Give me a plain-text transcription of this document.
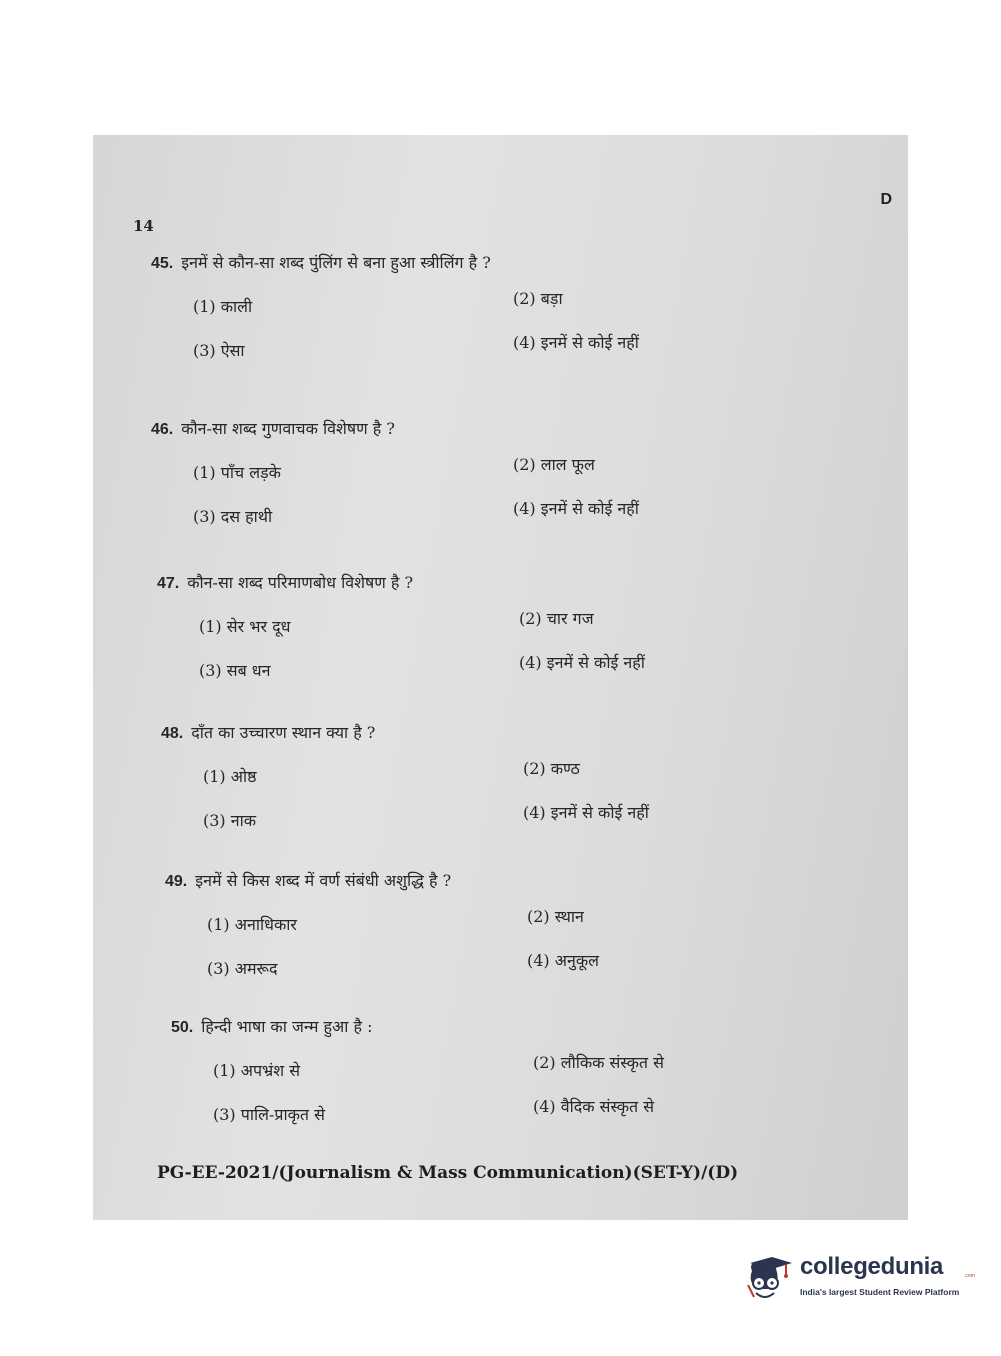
14
D
45. इनमें से कौन-सा शब्द पुंलिंग से बना हुआ स्त्रीलिंग है ?
(1) काली	(2) बड़ा
(3) ऐसा	(4) इनमें से कोई नहीं
46. कौन-सा शब्द गुणवाचक विशेषण है ?
(1) पाँच लड़के	(2) लाल फूल
(3) दस हाथी	(4) इनमें से कोई नहीं
47. कौन-सा शब्द परिमाणबोध विशेषण है ?
(1) सेर भर दूध	(2) चार गज
(3) सब धन	(4) इनमें से कोई नहीं
48. दाँत का उच्चारण स्थान क्या है ?
(1) ओष्ठ	(2) कण्ठ
(3) नाक	(4) इनमें से कोई नहीं
49. इनमें से किस शब्द में वर्ण संबंधी अशुद्धि है ?
(1) अनाधिकार	(2) स्थान
(3) अमरूद	(4) अनुकूल
50. हिन्दी भाषा का जन्म हुआ है :
(1) अपभ्रंश से	(2) लौकिक संस्कृत से
(3) पालि-प्राकृत से	(4) वैदिक संस्कृत से
PG-EE-2021/(Journalism & Mass Communication)(SET-Y)/(D)
collegedunia	.com
India's largest Student Review Platform
